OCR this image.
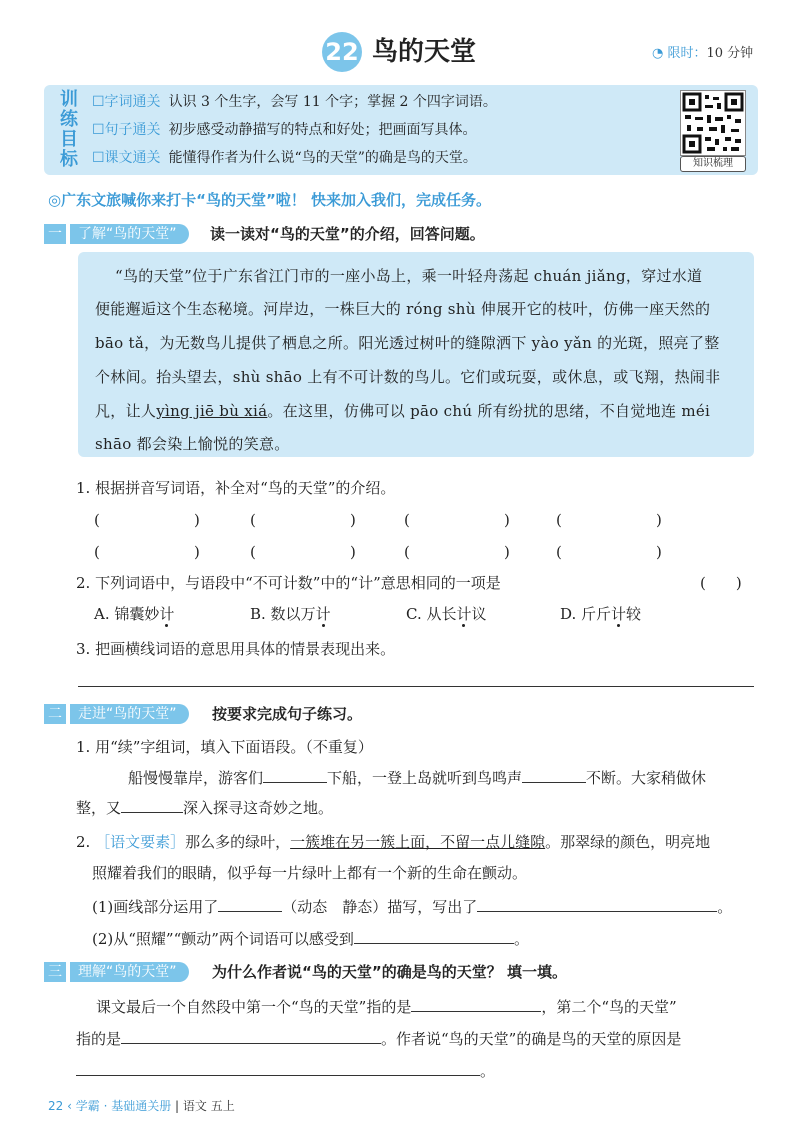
22 鸟的天堂	◔ 限时：10 分钟
训
练
目
标
☐字词通关 认识 3 个生字，会写 11 个字；掌握 2 个四字词语。
☐句子通关 初步感受动静描写的特点和好处；把画面写具体。
☐课文通关 能懂得作者为什么说“鸟的天堂”的确是鸟的天堂。	知识梳理
◎广东文旅喊你来打卡“鸟的天堂”啦！ 快来加入我们，完成任务。
一	了解“鸟的天堂”	读一读对“鸟的天堂”的介绍，回答问题。
“鸟的天堂”位于广东省江门市的一座小岛上，乘一叶轻舟荡起 chuán jiǎng，穿过水道
便能邂逅这个生态秘境。河岸边，一株巨大的 róng shù 伸展开它的枝叶，仿佛一座天然的
bāo tǎ，为无数鸟儿提供了栖息之所。阳光透过树叶的缝隙洒下 yào yǎn 的光斑，照亮了整
个林间。抬头望去，shù shāo 上有不可计数的鸟儿。它们或玩耍，或休息，或飞翔，热闹非
凡，让人yìng jiē bù xiá。在这里，仿佛可以 pāo chú 所有纷扰的思绪，不自觉地连 méi
shāo 都会染上愉悦的笑意。
1. 根据拼音写词语，补全对“鸟的天堂”的介绍。
(	)	(	)	(	)	(	)
(	)	(	)	(	)	(	)
2. 下列词语中，与语段中“不可计数”中的“计”意思相同的一项是	(　　)
A. 锦囊妙计	B. 数以万计	C. 从长计议	D. 斤斤计较
3. 把画横线词语的意思用具体的情景表现出来。
二	走进“鸟的天堂”	按要求完成句子练习。
1. 用“续”字组词，填入下面语段。（不重复）
船慢慢靠岸，游客们	下船，一登上岛就听到鸟鸣声	不断。大家稍做休
整，又	深入探寻这奇妙之地。
2. ［语文要素］那么多的绿叶，一簇堆在另一簇上面，不留一点儿缝隙。那翠绿的颜色，明亮地
照耀着我们的眼睛，似乎每一片绿叶上都有一个新的生命在颤动。
(1)画线部分运用了	（动态　静态）描写，写出了	。
(2)从“照耀”“颤动”两个词语可以感受到	。
三	理解“鸟的天堂”	为什么作者说“鸟的天堂”的确是鸟的天堂？ 填一填。
课文最后一个自然段中第一个“鸟的天堂”指的是	，第二个“鸟的天堂”
指的是	。作者说“鸟的天堂”的确是鸟的天堂的原因是
。
22 ‹ 学霸 · 基础通关册 | 语文 五上
